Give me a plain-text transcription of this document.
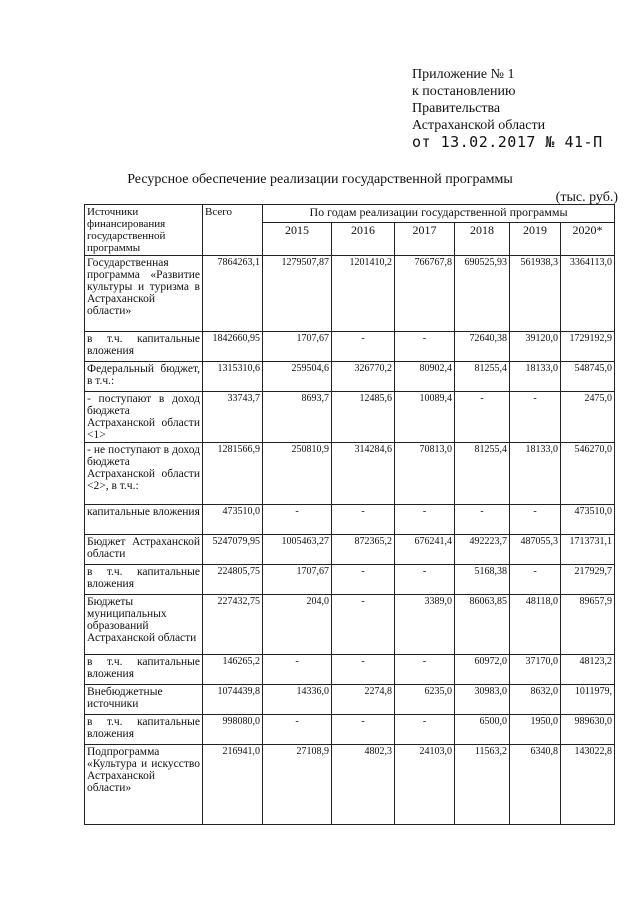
Приложение № 1
к постановлению
Правительства
Астраханской области
от 13.02.2017 № 41-П
Ресурсное обеспечение реализации государственной программы
(тыс. руб.)
Источники финансирования государственной программы	Всего	По годам реализации государственной программы					
		2015	2016	2017	2018	2019	2020*
Государственная программа «Развитие культуры и туризма в Астраханской области»	7864263,1	1279507,87	1201410,2	766767,8	690525,93	561938,3	3364113,0
в т.ч. капитальные вложения	1842660,95	1707,67	-	-	72640,38	39120,0	1729192,9
Федеральный бюджет, в т.ч.:	1315310,6	259504,6	326770,2	80902,4	81255,4	18133,0	548745,0
- поступают в доход бюджета Астраханской области <1>	33743,7	8693,7	12485,6	10089,4	-	-	2475,0
- не поступают в доход бюджета Астраханской области <2>, в т.ч.:	1281566,9	250810,9	314284,6	70813,0	81255,4	18133,0	546270,0
капитальные вложения	473510,0	-	-	-	-	-	473510,0
Бюджет Астраханской области	5247079,95	1005463,27	872365,2	676241,4	492223,7	487055,3	1713731,1
в т.ч. капитальные вложения	224805,75	1707,67	-	-	5168,38	-	217929,7
Бюджеты муниципальных образований Астраханской области	227432,75	204,0	-	3389,0	86063,85	48118,0	89657,9
в т.ч. капитальные вложения	146265,2	-	-	-	60972,0	37170,0	48123,2
Внебюджетные источники	1074439,8	14336,0	2274,8	6235,0	30983,0	8632,0	1011979,
в т.ч. капитальные вложения	998080,0	-	-	-	6500,0	1950,0	989630,0
Подпрограмма «Культура и искусство Астраханской области»	216941,0	27108,9	4802,3	24103,0	11563,2	6340,8	143022,8
